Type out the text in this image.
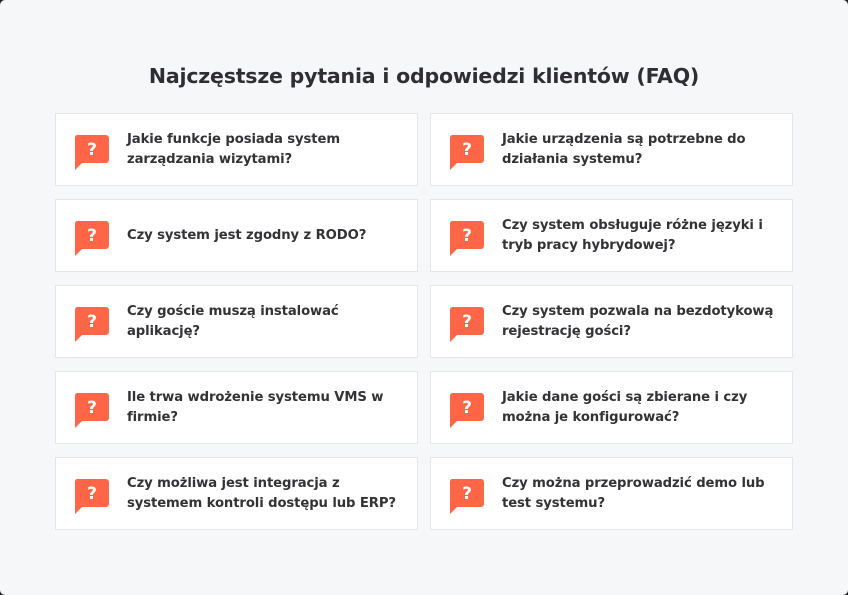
Najczęstsze pytania i odpowiedzi klientów (FAQ)
?
Jakie funkcje posiada system zarządzania wizytami?	?
Jakie urządzenia są potrzebne do działania systemu?
? Czy system jest zgodny z RODO?	?
Czy system obsługuje różne języki i tryb pracy hybrydowej?
?
Czy goście muszą instalować aplikację?	?
Czy system pozwala na bezdotykową rejestrację gości?
?
Ile trwa wdrożenie systemu VMS w firmie?	?
Jakie dane gości są zbierane i czy można je konfigurować?
?
Czy możliwa jest integracja z systemem kontroli dostępu lub ERP?	?
Czy można przeprowadzić demo lub test systemu?
